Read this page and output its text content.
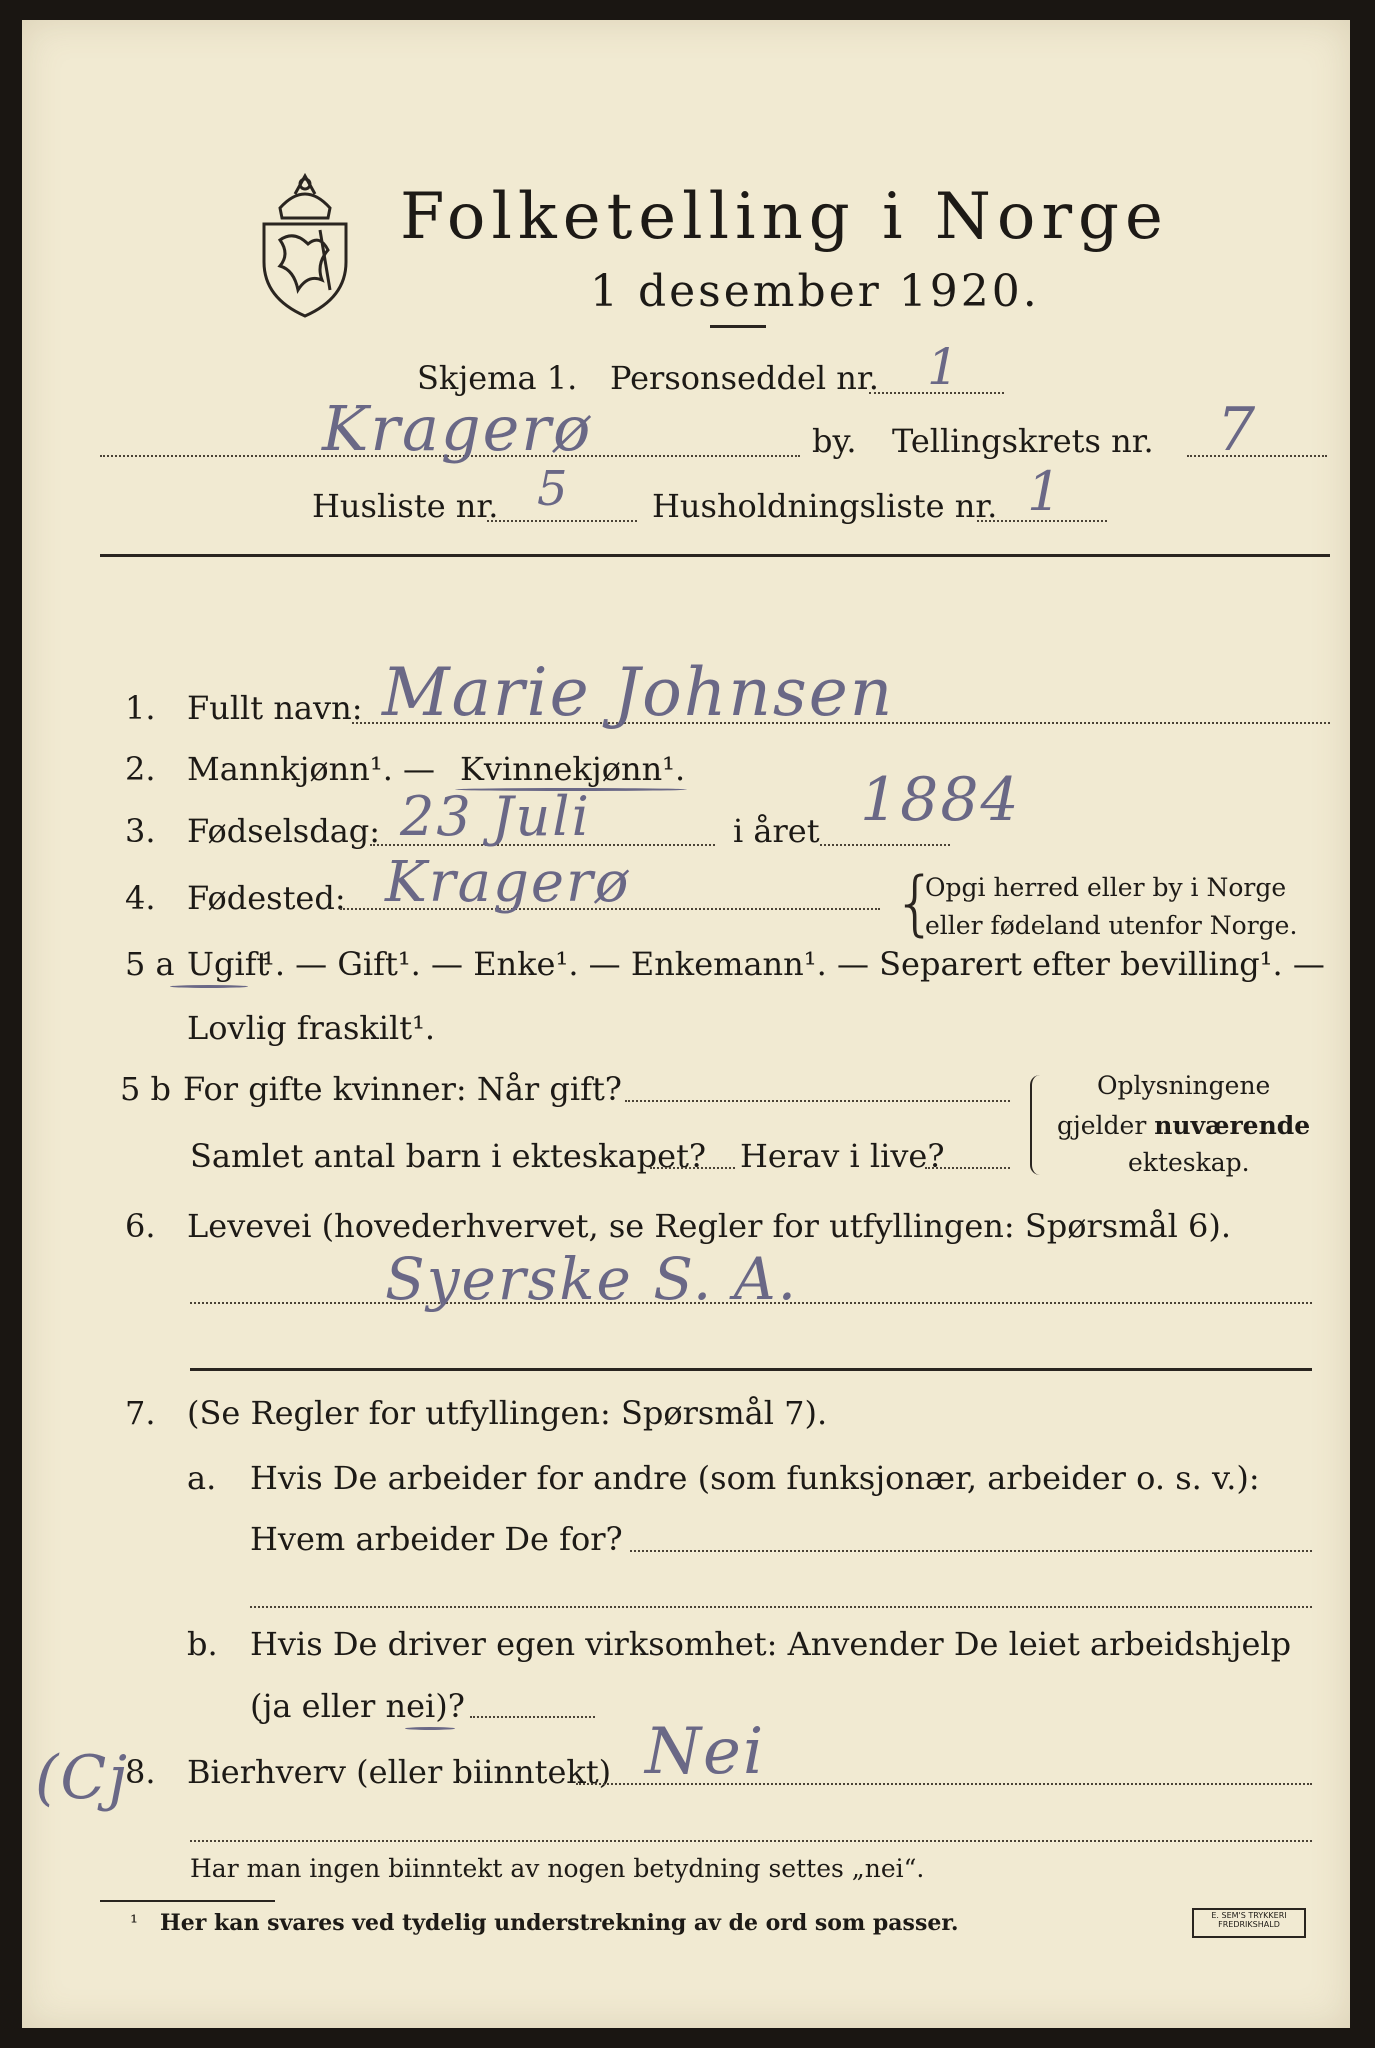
Folketelling i Norge
1 desember 1920.
Skjema 1. Personseddel nr. 1
Kragerø	by. Tellingskrets nr. 7
Husliste nr. 5	Husholdningsliste nr. 1
1. Fullt navn: Marie Johnsen
2. Mannkjønn¹. — Kvinnekjønn¹.
3. Fødselsdag: 23 Juli	i året 1884
4. Fødested: Kragerø	{
Opgi herred eller by i Norge
eller fødeland utenfor Norge.
5 a Ugift
¹. — Gift¹. — Enke¹. — Enkemann¹. — Separert efter bevilling¹. —
Lovlig fraskilt¹.
5 b For gifte kvinner: Når gift?
Samlet antal barn i ekteskapet? Herav i live?
Oplysningene
gjelder nuværende
ekteskap.
6. Levevei (hovederhvervet, se Regler for utfyllingen: Spørsmål 6).
Syerske S. A.
7. (Se Regler for utfyllingen: Spørsmål 7).
a. Hvis De arbeider for andre (som funksjonær, arbeider o. s. v.):
Hvem arbeider De for?
b. Hvis De driver egen virksomhet: Anvender De leiet arbeidshjelp
(ja eller nei)?
(Cj
8. Bierhverv (eller biinntekt) Nei
Har man ingen biinntekt av nogen betydning settes „nei“.
¹ Her kan svares ved tydelig understrekning av de ord som passer.	E. SEM'S TRYKKERI
FREDRIKSHALD
